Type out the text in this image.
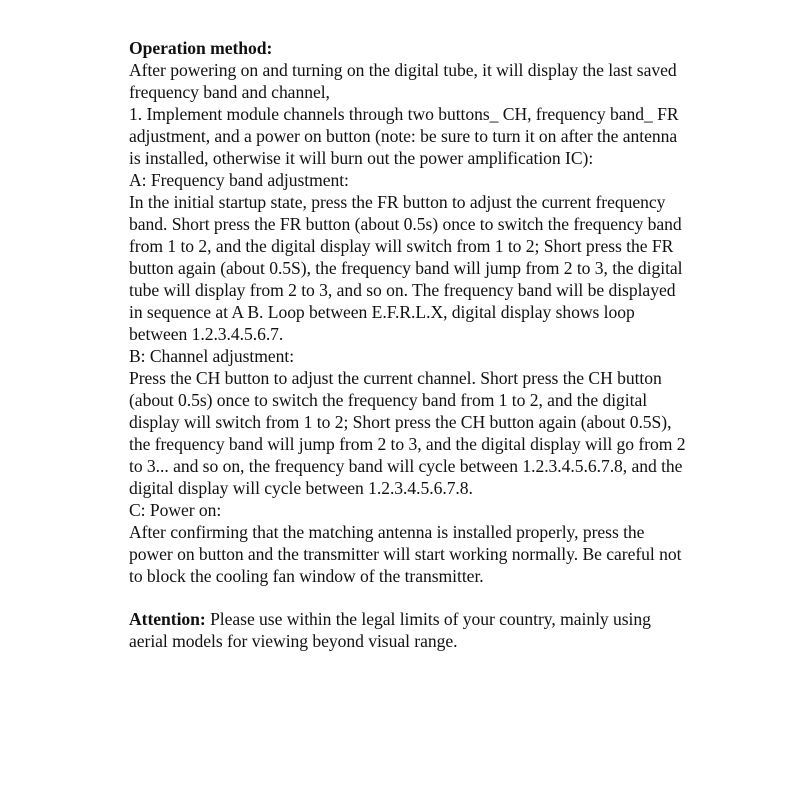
Operation method:

After powering on and turning on the digital tube, it will display the last saved frequency band and channel,

1. Implement module channels through two buttons_ CH, frequency band_ FR adjustment, and a power on button (note: be sure to turn it on after the antenna is installed, otherwise it will burn out the power amplification IC):

A: Frequency band adjustment:

In the initial startup state, press the FR button to adjust the current frequency band. Short press the FR button (about 0.5s) once to switch the frequency band from 1 to 2, and the digital display will switch from 1 to 2; Short press the FR button again (about 0.5S), the frequency band will jump from 2 to 3, the digital tube will display from 2 to 3, and so on. The frequency band will be displayed in sequence at A B. Loop between E.F.R.L.X, digital display shows loop between 1.2.3.4.5.6.7.

B: Channel adjustment:

Press the CH button to adjust the current channel. Short press the CH button (about 0.5s) once to switch the frequency band from 1 to 2, and the digital display will switch from 1 to 2; Short press the CH button again (about 0.5S), the frequency band will jump from 2 to 3, and the digital display will go from 2 to 3... and so on, the frequency band will cycle between 1.2.3.4.5.6.7.8, and the digital display will cycle between 1.2.3.4.5.6.7.8.

C: Power on:

After confirming that the matching antenna is installed properly, press the power on button and the transmitter will start working normally. Be careful not to block the cooling fan window of the transmitter.

Attention: Please use within the legal limits of your country, mainly using aerial models for viewing beyond visual range.
